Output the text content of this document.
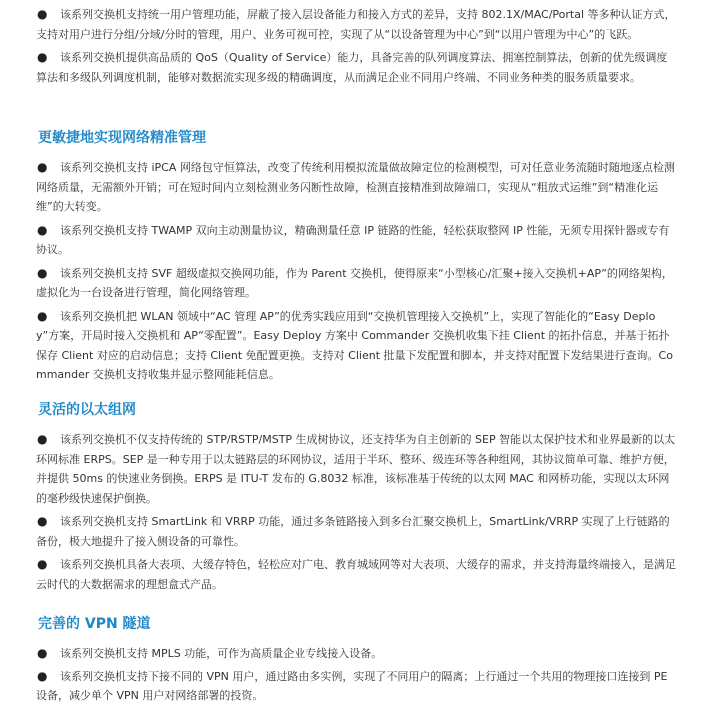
●	该系列交换机支持统一用户管理功能，屏蔽了接入层设备能力和接入方式的差异，支持 802.1X/MAC/Portal 等多种认证方式，支持对用户进行分组/分域/分时的管理，用户、业务可视可控，实现了从“以设备管理为中心”到“以用户管理为中心”的飞跃。
●	该系列交换机提供高品质的 QoS（Quality of Service）能力，具备完善的队列调度算法、拥塞控制算法，创新的优先级调度算法和多级队列调度机制，能够对数据流实现多级的精确调度，从而满足企业不同用户终端、不同业务种类的服务质量要求。
更敏捷地实现网络精准管理
●	该系列交换机支持 iPCA 网络包守恒算法，改变了传统利用模拟流量做故障定位的检测模型，可对任意业务流随时随地逐点检测网络质量，无需额外开销；可在短时间内立刻检测业务闪断性故障，检测直接精准到故障端口，实现从“粗放式运维”到“精准化运维”的大转变。
●	该系列交换机支持 TWAMP 双向主动测量协议，精确测量任意 IP 链路的性能，轻松获取整网 IP 性能，无须专用探针器或专有协议。
●	该系列交换机支持 SVF 超级虚拟交换网功能，作为 Parent 交换机，使得原来“小型核心/汇聚+接入交换机+AP”的网络架构，虚拟化为一台设备进行管理，简化网络管理。
●	该系列交换机把 WLAN 领域中“AC 管理 AP”的优秀实践应用到“交换机管理接入交换机”上，实现了智能化的“Easy Deploy”方案，开局时接入交换机和 AP“零配置”。Easy Deploy 方案中 Commander 交换机收集下挂 Client 的拓扑信息，并基于拓扑保存 Client 对应的启动信息；支持 Client 免配置更换。支持对 Client 批量下发配置和脚本，并支持对配置下发结果进行查询。Commander 交换机支持收集并显示整网能耗信息。
灵活的以太组网
●	该系列交换机不仅支持传统的 STP/RSTP/MSTP 生成树协议，还支持华为自主创新的 SEP 智能以太保护技术和业界最新的以太环网标准 ERPS。SEP 是一种专用于以太链路层的环网协议，适用于半环、整环、级连环等各种组网，其协议简单可靠、维护方便，并提供 50ms 的快速业务倒换。ERPS 是 ITU-T 发布的 G.8032 标准，该标准基于传统的以太网 MAC 和网桥功能，实现以太环网的毫秒级快速保护倒换。
●	该系列交换机支持 SmartLink 和 VRRP 功能，通过多条链路接入到多台汇聚交换机上，SmartLink/VRRP 实现了上行链路的备份，极大地提升了接入侧设备的可靠性。
●	该系列交换机具备大表项、大缓存特色，轻松应对广电、教育城域网等对大表项、大缓存的需求，并支持海量终端接入，是满足云时代的大数据需求的理想盒式产品。
完善的 VPN 隧道
●	该系列交换机支持 MPLS 功能，可作为高质量企业专线接入设备。
●	该系列交换机支持下接不同的 VPN 用户，通过路由多实例，实现了不同用户的隔离；上行通过一个共用的物理接口连接到 PE 设备，减少单个 VPN 用户对网络部署的投资。
